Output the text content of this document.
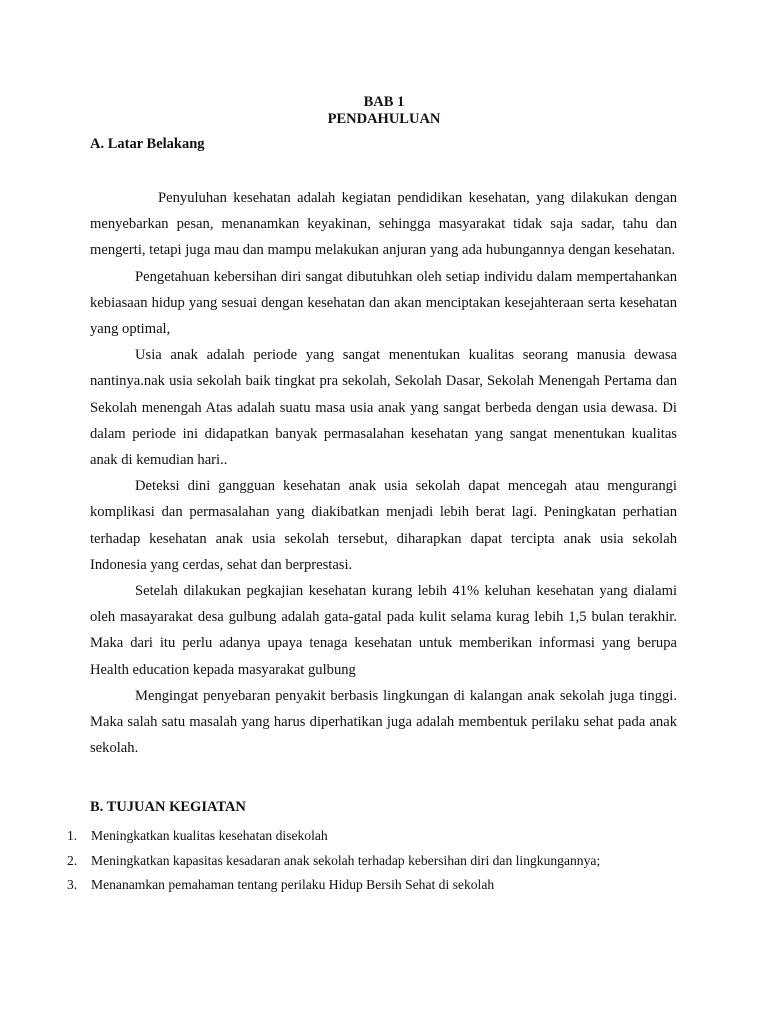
BAB 1
PENDAHULUAN
A. Latar Belakang

Penyuluhan kesehatan adalah kegiatan pendidikan kesehatan, yang dilakukan dengan menyebarkan pesan, menanamkan keyakinan, sehingga masyarakat tidak saja sadar, tahu dan mengerti, tetapi juga mau dan mampu melakukan anjuran yang ada hubungannya dengan kesehatan.

Pengetahuan kebersihan diri sangat dibutuhkan oleh setiap individu dalam mempertahankan kebiasaan hidup yang sesuai dengan kesehatan dan akan menciptakan kesejahteraan serta kesehatan yang optimal,

Usia anak adalah periode yang sangat menentukan kualitas seorang manusia dewasa nantinya.nak usia sekolah baik tingkat pra sekolah, Sekolah Dasar, Sekolah Menengah Pertama dan Sekolah menengah Atas adalah suatu masa usia anak yang sangat berbeda dengan usia dewasa. Di dalam periode ini didapatkan banyak permasalahan kesehatan yang sangat menentukan kualitas anak di kemudian hari..

Deteksi dini gangguan kesehatan anak usia sekolah dapat mencegah atau mengurangi komplikasi dan permasalahan yang diakibatkan menjadi lebih berat lagi. Peningkatan perhatian terhadap kesehatan anak usia sekolah tersebut, diharapkan dapat tercipta anak usia sekolah Indonesia yang cerdas, sehat dan berprestasi.

Setelah dilakukan pegkajian kesehatan kurang lebih 41% keluhan kesehatan yang dialami oleh masayarakat desa gulbung adalah gata-gatal pada kulit selama kurag lebih 1,5 bulan terakhir. Maka dari itu perlu adanya upaya tenaga kesehatan untuk memberikan informasi yang berupa Health education kepada masyarakat gulbung

Mengingat penyebaran penyakit berbasis lingkungan di kalangan anak sekolah juga tinggi. Maka salah satu masalah yang harus diperhatikan juga adalah membentuk perilaku sehat pada anak sekolah.

B. TUJUAN KEGIATAN
1. Meningkatkan kualitas kesehatan disekolah
2. Meningkatkan kapasitas kesadaran anak sekolah terhadap kebersihan diri dan lingkungannya;
3. Menanamkan pemahaman tentang perilaku Hidup Bersih Sehat di sekolah
